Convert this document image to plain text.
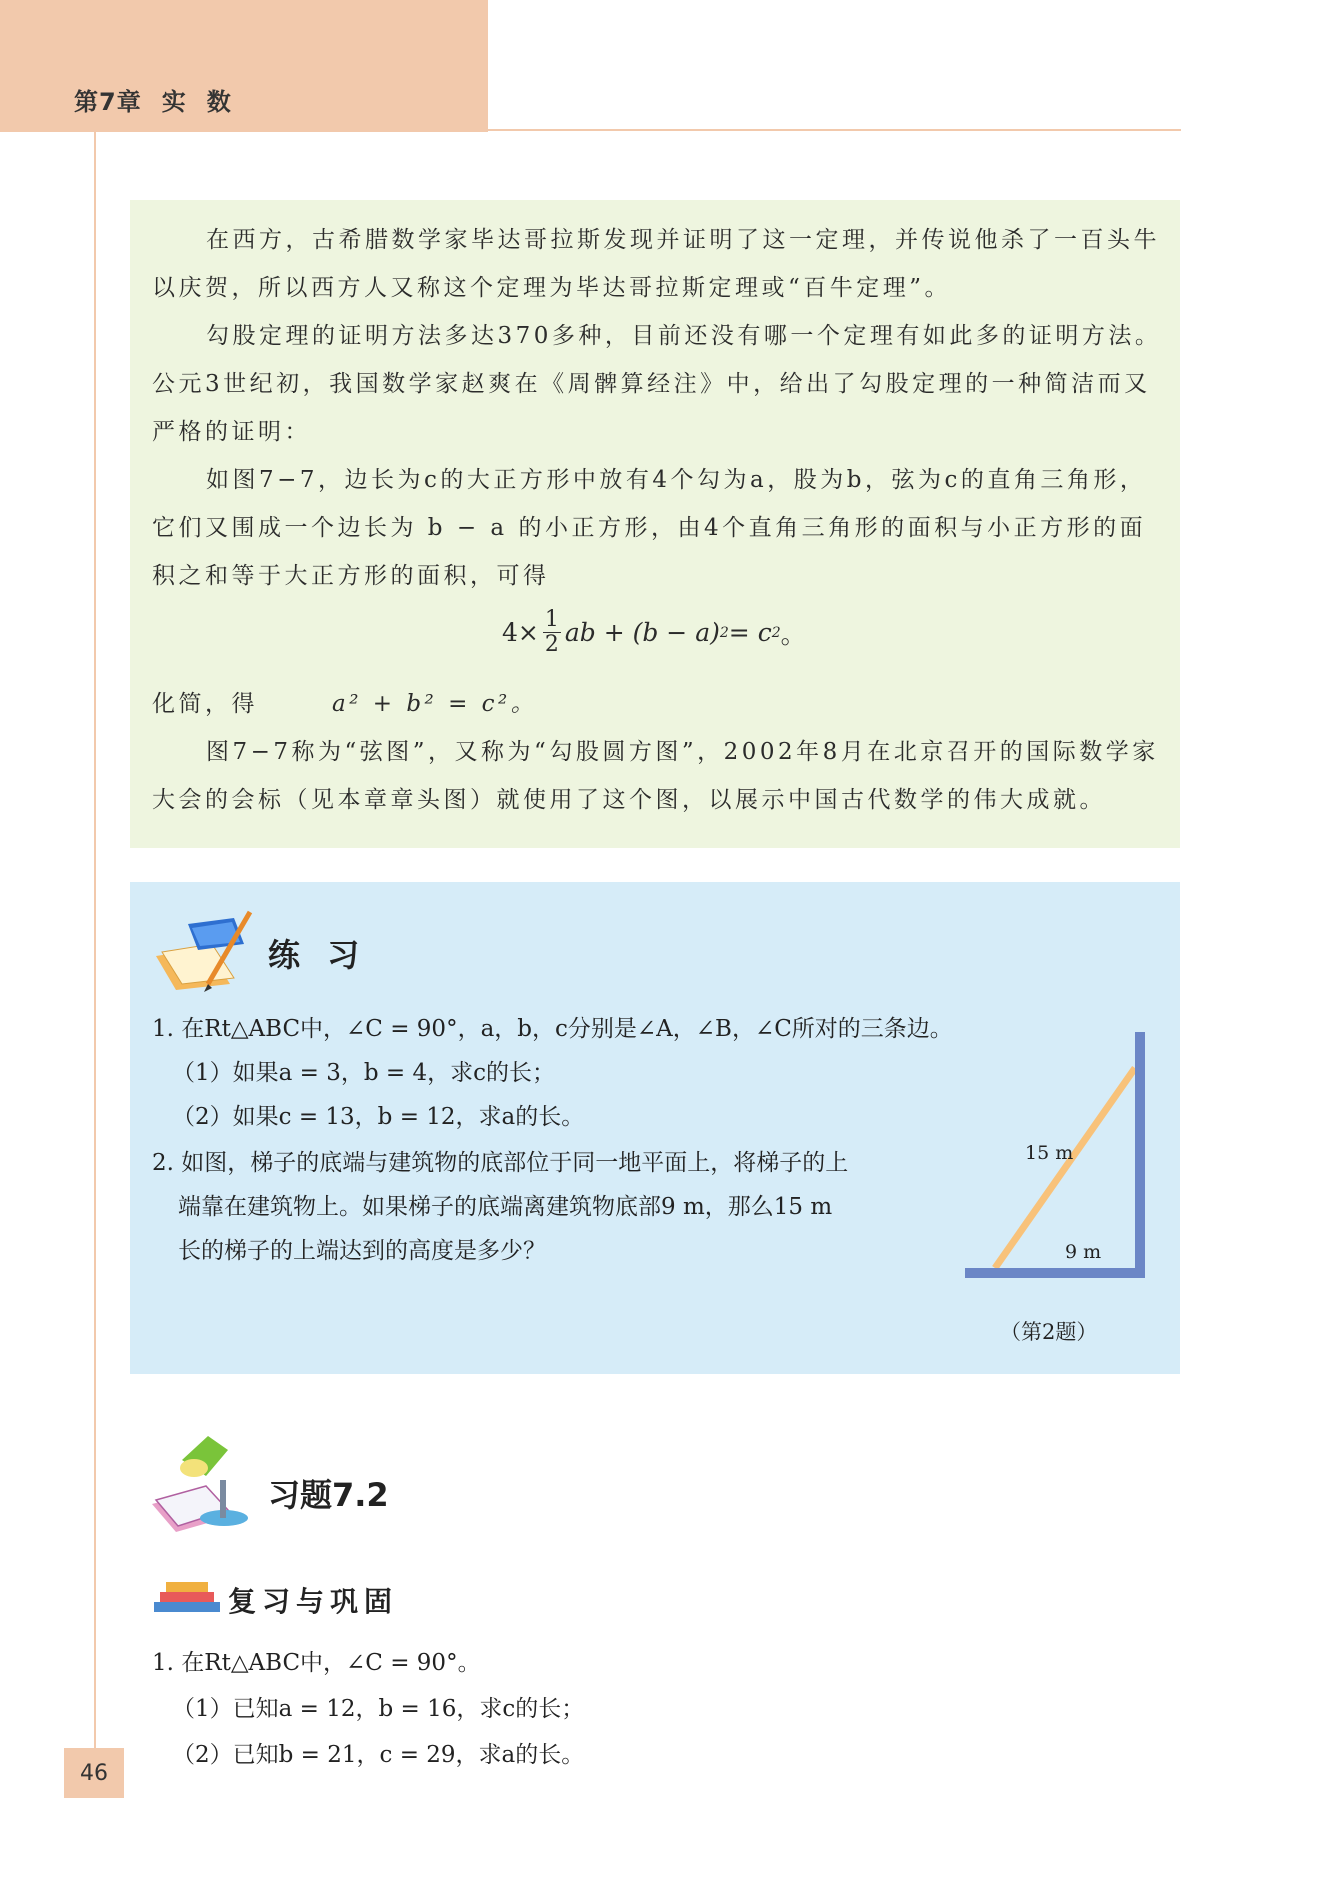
第7章 实 数

在西方，古希腊数学家毕达哥拉斯发现并证明了这一定理，并传说他杀了一百头牛以庆贺，所以西方人又称这个定理为毕达哥拉斯定理或“百牛定理”。

勾股定理的证明方法多达370多种，目前还没有哪一个定理有如此多的证明方法。公元3世纪初，我国数学家赵爽在《周髀算经注》中，给出了勾股定理的一种简洁而又严格的证明：

如图7−7，边长为c的大正方形中放有4个勾为a，股为b，弦为c的直角三角形，它们又围成一个边长为 b − a 的小正方形，由4个直角三角形的面积与小正方形的面积之和等于大正方形的面积，可得

$4\times \frac{1}{2}$ ab + (b − a) 2 = c 2 。

化简，得	a² + b² = c²。

图7−7称为“弦图”，又称为“勾股圆方图”，2002年8月在北京召开的国际数学家大会的会标（见本章章头图）就使用了这个图，以展示中国古代数学的伟大成就。

练 习
1. 在Rt△ABC中，∠C = 90°，a，b，c分别是∠A，∠B，∠C所对的三条边。
（1）如果a = 3，b = 4，求c的长；
（2）如果c = 13，b = 12，求a的长。
2. 如图，梯子的底端与建筑物的底部位于同一地平面上，将梯子的上
端靠在建筑物上。如果梯子的底端离建筑物底部9 m，那么15 m
长的梯子的上端达到的高度是多少？
15 m
9 m
（第2题）
习题7.2
复习与巩固
1. 在Rt△ABC中，∠C = 90°。
（1）已知a = 12，b = 16，求c的长；
（2）已知b = 21，c = 29，求a的长。
46
